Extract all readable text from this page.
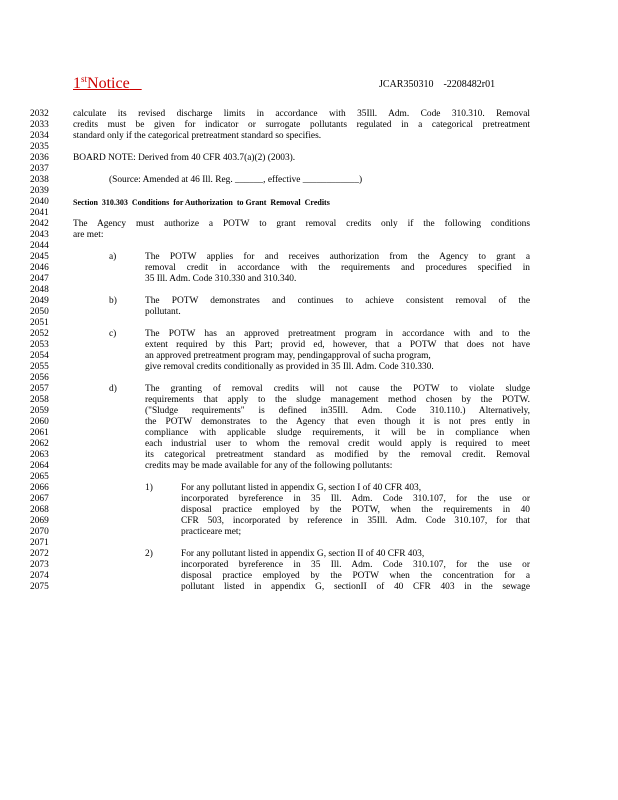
1stNotice	JCAR350310    -2208482r01
2032	calculate its revised discharge limits in accordance with 35Ill. Adm. Code 310.310. Removal
2033	credits must be given for indicator or surrogate pollutants regulated in a categorical pretreatment
2034	standard only if the categorical pretreatment standard so specifies.
2035
2036	BOARD NOTE: Derived from 40 CFR 403.7(a)(2) (2003).
2037
2038	(Source: Amended at 46 Ill. Reg. ______, effective ____________)
2039
2040	Section  310.303  Conditions  for Authorization  to Grant  Removal  Credits
2041
2042	The Agency must authorize a POTW to grant removal credits only if the following conditions
2043	are met:
2044
2045	a)	The POTW applies for and receives authorization from the Agency to grant a
2046	removal credit in accordance with the requirements and procedures specified in
2047	35 Ill. Adm. Code 310.330 and 310.340.
2048
2049	b)	The POTW demonstrates and continues to achieve consistent removal of the
2050	pollutant.
2051
2052	c)	The POTW has an approved pretreatment program in accordance with and to the
2053	extent required by this Part; provid ed, however, that a POTW that does not have
2054	an approved pretreatment program may, pendingapproval of sucha program,
2055	give removal credits conditionally as provided in 35 Ill. Adm. Code 310.330.
2056
2057	d)	The granting of removal credits will not cause the POTW to violate sludge
2058	requirements that apply to the sludge management method chosen by the POTW.
2059	("Sludge requirements" is defined in35Ill. Adm. Code 310.110.) Alternatively,
2060	the POTW demonstrates to the Agency that even though it is not pres ently in
2061	compliance with applicable sludge requirements, it will be in compliance when
2062	each industrial user to whom the removal credit would apply is required to meet
2063	its categorical pretreatment standard as modified by the removal credit. Removal
2064	credits may be made available for any of the following pollutants:
2065
2066	1)	For any pollutant listed in appendix G, section I of 40 CFR 403,
2067	incorporated byreference in 35 Ill. Adm. Code 310.107, for the use or
2068	disposal practice employed by the POTW, when the requirements in 40
2069	CFR 503, incorporated by reference in 35Ill. Adm. Code 310.107, for that
2070	practiceare met;
2071
2072	2)	For any pollutant listed in appendix G, section II of 40 CFR 403,
2073	incorporated byreference in 35 Ill. Adm. Code 310.107, for the use or
2074	disposal practice employed by the POTW when the concentration for a
2075	pollutant listed in appendix G, sectionII of 40 CFR 403 in the sewage
